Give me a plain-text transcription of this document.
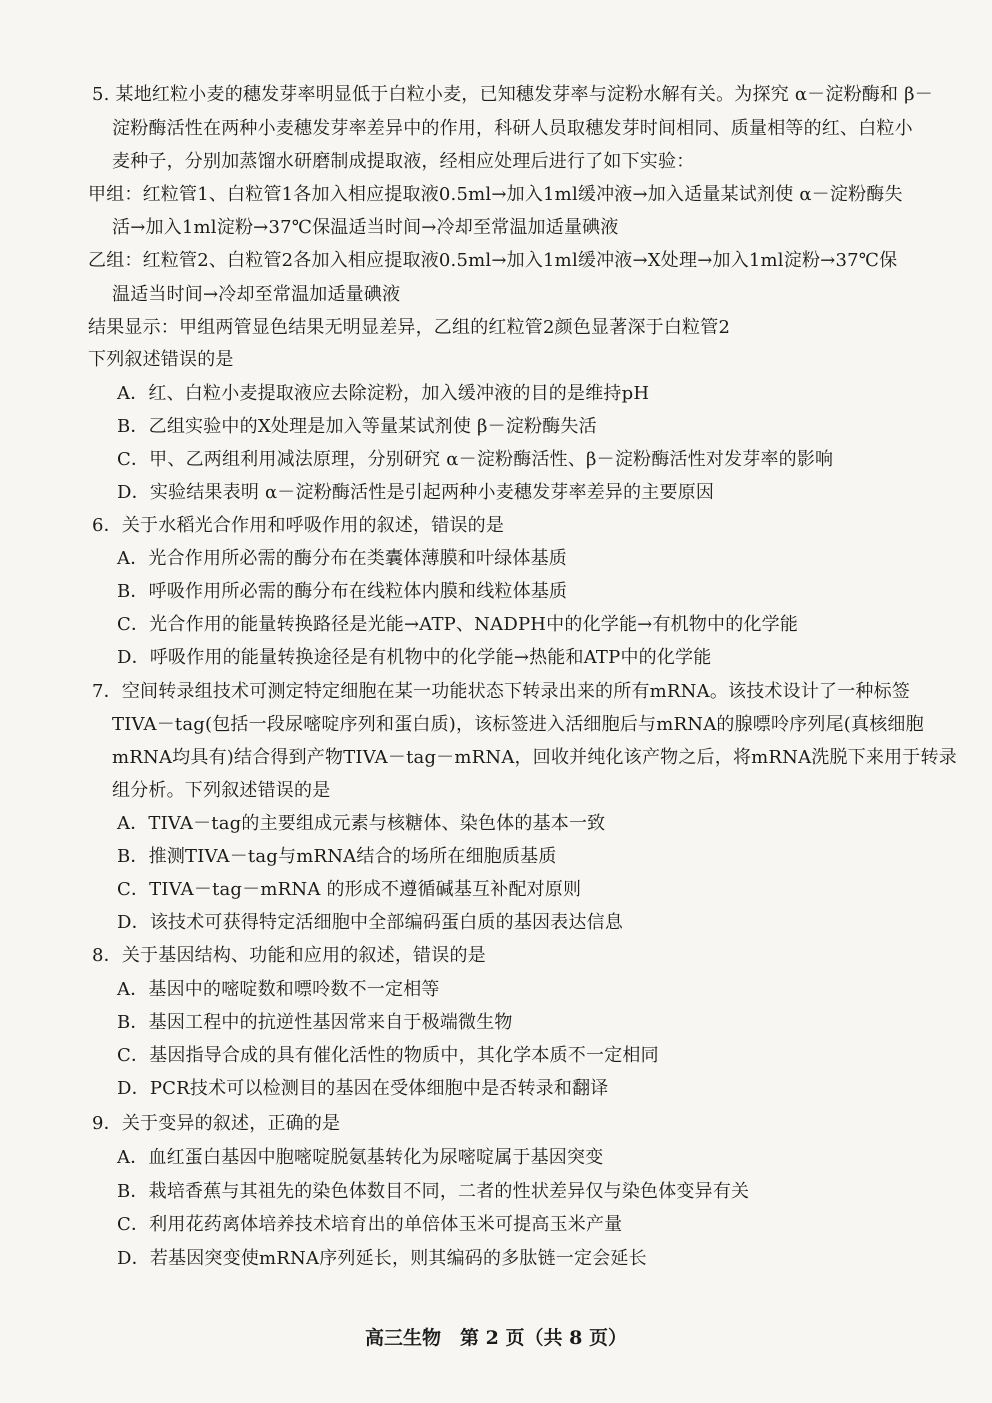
5. 某地红粒小麦的穗发芽率明显低于白粒小麦，已知穗发芽率与淀粉水解有关。为探究 α－淀粉酶和 β－
淀粉酶活性在两种小麦穗发芽率差异中的作用，科研人员取穗发芽时间相同、质量相等的红、白粒小
麦种子，分别加蒸馏水研磨制成提取液，经相应处理后进行了如下实验：
甲组：红粒管1、白粒管1各加入相应提取液0.5ml→加入1ml缓冲液→加入适量某试剂使 α－淀粉酶失
活→加入1ml淀粉→37℃保温适当时间→冷却至常温加适量碘液
乙组：红粒管2、白粒管2各加入相应提取液0.5ml→加入1ml缓冲液→X处理→加入1ml淀粉→37℃保
温适当时间→冷却至常温加适量碘液
结果显示：甲组两管显色结果无明显差异，乙组的红粒管2颜色显著深于白粒管2
下列叙述错误的是
A．红、白粒小麦提取液应去除淀粉，加入缓冲液的目的是维持pH
B．乙组实验中的X处理是加入等量某试剂使 β－淀粉酶失活
C．甲、乙两组利用减法原理，分别研究 α－淀粉酶活性、β－淀粉酶活性对发芽率的影响
D．实验结果表明 α－淀粉酶活性是引起两种小麦穗发芽率差异的主要原因
6．关于水稻光合作用和呼吸作用的叙述，错误的是
A．光合作用所必需的酶分布在类囊体薄膜和叶绿体基质
B．呼吸作用所必需的酶分布在线粒体内膜和线粒体基质
C．光合作用的能量转换路径是光能→ATP、NADPH中的化学能→有机物中的化学能
D．呼吸作用的能量转换途径是有机物中的化学能→热能和ATP中的化学能
7．空间转录组技术可测定特定细胞在某一功能状态下转录出来的所有mRNA。该技术设计了一种标签
TIVA－tag(包括一段尿嘧啶序列和蛋白质)，该标签进入活细胞后与mRNA的腺嘌呤序列尾(真核细胞
mRNA均具有)结合得到产物TIVA－tag－mRNA，回收并纯化该产物之后，将mRNA洗脱下来用于转录
组分析。下列叙述错误的是
A．TIVA－tag的主要组成元素与核糖体、染色体的基本一致
B．推测TIVA－tag与mRNA结合的场所在细胞质基质
C．TIVA－tag－mRNA 的形成不遵循碱基互补配对原则
D．该技术可获得特定活细胞中全部编码蛋白质的基因表达信息
8．关于基因结构、功能和应用的叙述，错误的是
A．基因中的嘧啶数和嘌呤数不一定相等
B．基因工程中的抗逆性基因常来自于极端微生物
C．基因指导合成的具有催化活性的物质中，其化学本质不一定相同
D．PCR技术可以检测目的基因在受体细胞中是否转录和翻译
9．关于变异的叙述，正确的是
A．血红蛋白基因中胞嘧啶脱氨基转化为尿嘧啶属于基因突变
B．栽培香蕉与其祖先的染色体数目不同，二者的性状差异仅与染色体变异有关
C．利用花药离体培养技术培育出的单倍体玉米可提高玉米产量
D．若基因突变使mRNA序列延长，则其编码的多肽链一定会延长
高三生物　第 2 页（共 8 页）
